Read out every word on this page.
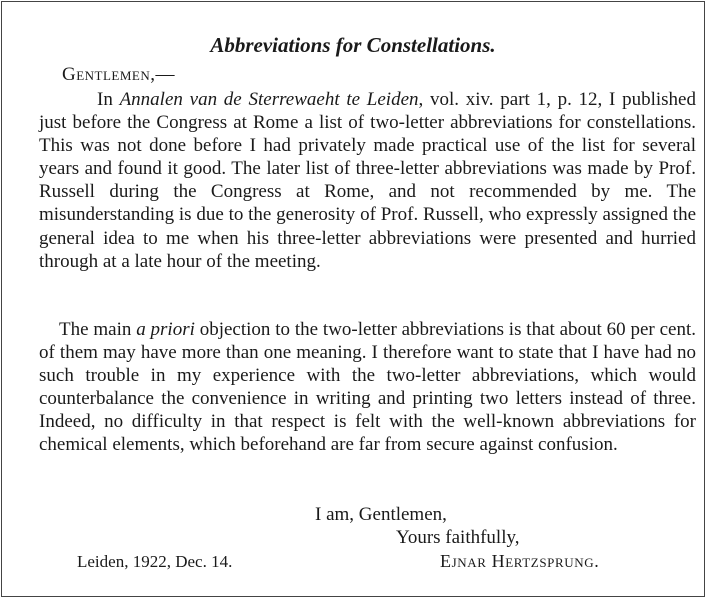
Abbreviations for Constellations.

Gentlemen,—

In Annalen van de Sterrewaeht te Leiden, vol. xiv. part 1, p. 12, I published just before the Congress at Rome a list of two-letter abbreviations for constellations. This was not done before I had privately made practical use of the list for several years and found it good. The later list of three-letter abbreviations was made by Prof. Russell during the Congress at Rome, and not recommended by me. The misunderstanding is due to the generosity of Prof. Russell, who expressly assigned the general idea to me when his three-letter abbreviations were presented and hurried through at a late hour of the meeting.

The main a priori objection to the two-letter abbreviations is that about 60 per cent. of them may have more than one meaning. I therefore want to state that I have had no such trouble in my experience with the two-letter abbreviations, which would counterbalance the convenience in writing and printing two letters instead of three. Indeed, no difficulty in that respect is felt with the well-known abbreviations for chemical elements, which beforehand are far from secure against confusion.

I am, Gentlemen,

Yours faithfully,

Leiden, 1922, Dec. 14.	Ejnar Hertzsprung.
